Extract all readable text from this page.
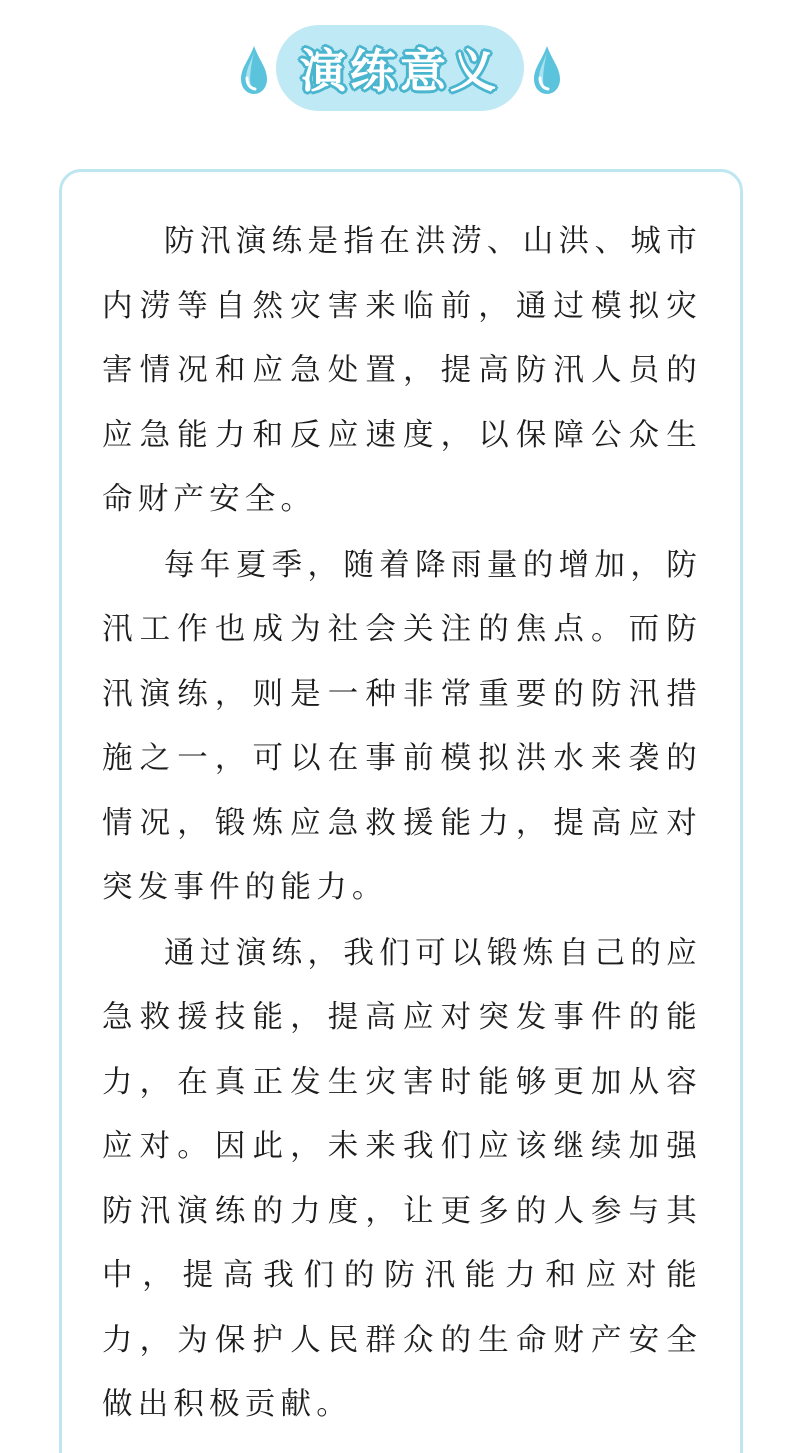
演练意义

防汛演练是指在洪涝、山洪、城市内涝等自然灾害来临前，通过模拟灾害情况和应急处置，提高防汛人员的应急能力和反应速度，以保障公众生命财产安全。

每年夏季，随着降雨量的增加，防汛工作也成为社会关注的焦点。而防汛演练，则是一种非常重要的防汛措施之一，可以在事前模拟洪水来袭的情况，锻炼应急救援能力，提高应对突发事件的能力。

通过演练，我们可以锻炼自己的应急救援技能，提高应对突发事件的能力，在真正发生灾害时能够更加从容应对。因此，未来我们应该继续加强防汛演练的力度，让更多的人参与其中，提高我们的防汛能力和应对能力，为保护人民群众的生命财产安全做出积极贡献。
